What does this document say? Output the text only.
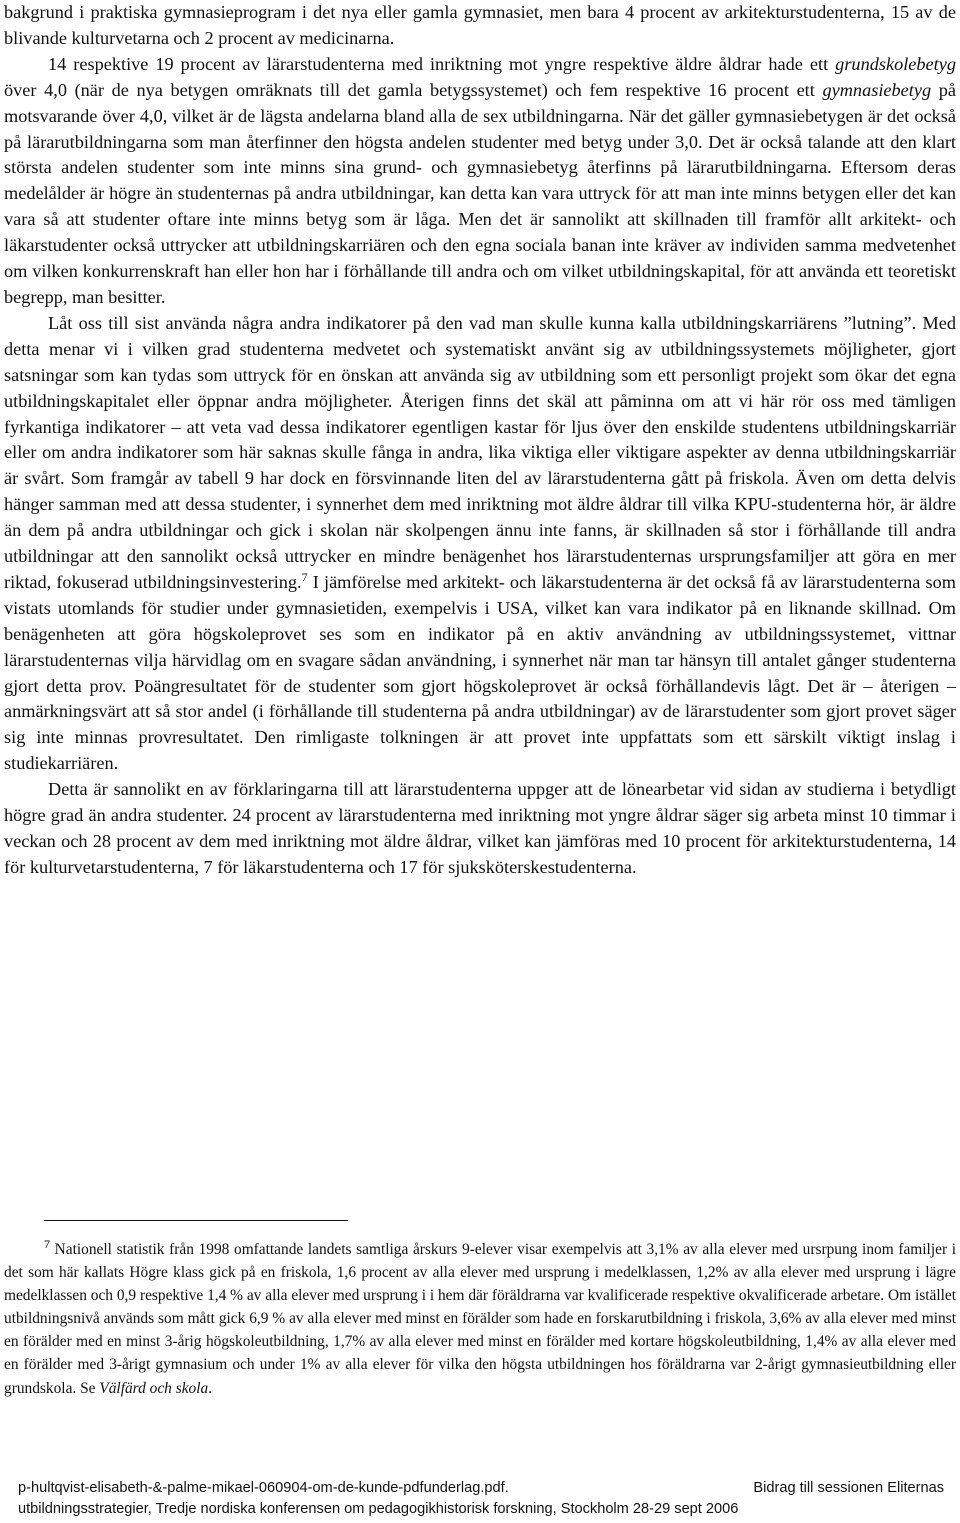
bakgrund i praktiska gymnasieprogram i det nya eller gamla gymnasiet, men bara 4 procent av arkitekturstudenterna, 15 av de blivande kulturvetarna och 2 procent av medicinarna.

14 respektive 19 procent av lärarstudenterna med inriktning mot yngre respektive äldre åldrar hade ett grundskolebetyg över 4,0 (när de nya betygen omräknats till det gamla betygssystemet) och fem respektive 16 procent ett gymnasiebetyg på motsvarande över 4,0, vilket är de lägsta andelarna bland alla de sex utbildningarna. När det gäller gymnasiebetygen är det också på lärarutbildningarna som man återfinner den högsta andelen studenter med betyg under 3,0. Det är också talande att den klart största andelen studenter som inte minns sina grund- och gymnasiebetyg återfinns på lärarutbildningarna. Eftersom deras medelålder är högre än studenternas på andra utbildningar, kan detta kan vara uttryck för att man inte minns betygen eller det kan vara så att studenter oftare inte minns betyg som är låga. Men det är sannolikt att skillnaden till framför allt arkitekt- och läkarstudenter också uttrycker att utbildningskarriären och den egna sociala banan inte kräver av individen samma medvetenhet om vilken konkurrenskraft han eller hon har i förhållande till andra och om vilket utbildningskapital, för att använda ett teoretiskt begrepp, man besitter.

Låt oss till sist använda några andra indikatorer på den vad man skulle kunna kalla utbildningskarriärens ”lutning”. Med detta menar vi i vilken grad studenterna medvetet och systematiskt använt sig av utbildningssystemets möjligheter, gjort satsningar som kan tydas som uttryck för en önskan att använda sig av utbildning som ett personligt projekt som ökar det egna utbildningskapitalet eller öppnar andra möjligheter. Återigen finns det skäl att påminna om att vi här rör oss med tämligen fyrkantiga indikatorer – att veta vad dessa indikatorer egentligen kastar för ljus över den enskilde studentens utbildningskarriär eller om andra indikatorer som här saknas skulle fånga in andra, lika viktiga eller viktigare aspekter av denna utbildningskarriär är svårt. Som framgår av tabell 9 har dock en försvinnande liten del av lärarstudenterna gått på friskola. Även om detta delvis hänger samman med att dessa studenter, i synnerhet dem med inriktning mot äldre åldrar till vilka KPU-studenterna hör, är äldre än dem på andra utbildningar och gick i skolan när skolpengen ännu inte fanns, är skillnaden så stor i förhållande till andra utbildningar att den sannolikt också uttrycker en mindre benägenhet hos lärarstudenternas ursprungsfamiljer att göra en mer riktad, fokuserad utbildningsinvestering.$^7$ I jämförelse med arkitekt- och läkarstudenterna är det också få av lärarstudenterna som vistats utomlands för studier under gymnasietiden, exempelvis i USA, vilket kan vara indikator på en liknande skillnad. Om benägenheten att göra högskoleprovet ses som en indikator på en aktiv användning av utbildningssystemet, vittnar lärarstudenternas vilja härvidlag om en svagare sådan användning, i synnerhet när man tar hänsyn till antalet gånger studenterna gjort detta prov. Poängresultatet för de studenter som gjort högskoleprovet är också förhållandevis lågt. Det är – återigen – anmärkningsvärt att så stor andel (i förhållande till studenterna på andra utbildningar) av de lärarstudenter som gjort provet säger sig inte minnas provresultatet. Den rimligaste tolkningen är att provet inte uppfattats som ett särskilt viktigt inslag i studiekarriären.

Detta är sannolikt en av förklaringarna till att lärarstudenterna uppger att de lönearbetar vid sidan av studierna i betydligt högre grad än andra studenter. 24 procent av lärarstudenterna med inriktning mot yngre åldrar säger sig arbeta minst 10 timmar i veckan och 28 procent av dem med inriktning mot äldre åldrar, vilket kan jämföras med 10 procent för arkitekturstudenterna, 14 för kulturvetarstudenterna, 7 för läkarstudenterna och 17 för sjuksköterskestudenterna.

$^7$ Nationell statistik från 1998 omfattande landets samtliga årskurs 9-elever visar exempelvis att 3,1% av alla elever med ursrpung inom familjer i det som här kallats Högre klass gick på en friskola, 1,6 procent av alla elever med ursprung i medelklassen, 1,2% av alla elever med ursprung i lägre medelklassen och 0,9 respektive 1,4 % av alla elever med ursprung i i hem där föräldrarna var kvalificerade respektive okvalificerade arbetare. Om istället utbildningsnivå används som mått gick 6,9 % av alla elever med minst en förälder som hade en forskarutbildning i friskola, 3,6% av alla elever med minst en förälder med en minst 3-årig högskoleutbildning, 1,7% av alla elever med minst en förälder med kortare högskoleutbildning, 1,4% av alla elever med en förälder med 3-årigt gymnasium och under 1% av alla elever för vilka den högsta utbildningen hos föräldrarna var 2-årigt gymnasieutbildning eller grundskola. Se Välfärd och skola.

p-hultqvist-elisabeth-&-palme-mikael-060904-om-de-kunde-pdfunderlag.pdf.	Bidrag till sessionen Eliternas
utbildningsstrategier, Tredje nordiska konferensen om pedagogikhistorisk forskning, Stockholm 28-29 sept 2006
